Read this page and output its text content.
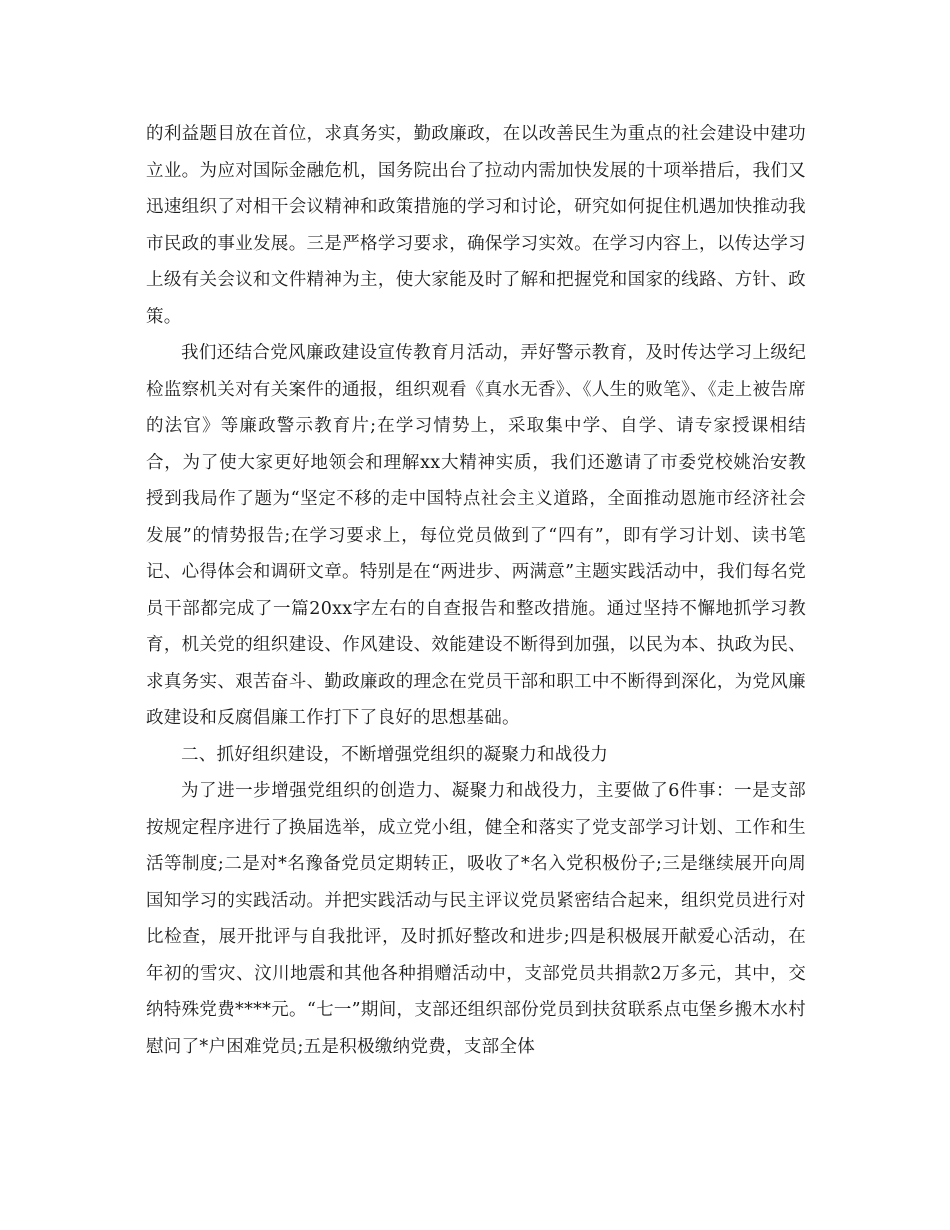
的利益题目放在首位，求真务实，勤政廉政，在以改善民生为重点的社会建设中建功立业。为应对国际金融危机，国务院出台了拉动内需加快发展的十项举措后，我们又迅速组织了对相干会议精神和政策措施的学习和讨论，研究如何捉住机遇加快推动我市民政的事业发展。三是严格学习要求，确保学习实效。在学习内容上，以传达学习上级有关会议和文件精神为主，使大家能及时了解和把握党和国家的线路、方针、政策。

我们还结合党风廉政建设宣传教育月活动，弄好警示教育，及时传达学习上级纪检监察机关对有关案件的通报，组织观看《真水无香》、《人生的败笔》、《走上被告席的法官》等廉政警示教育片;在学习情势上，采取集中学、自学、请专家授课相结合，为了使大家更好地领会和理解xx大精神实质，我们还邀请了市委党校姚治安教授到我局作了题为“坚定不移的走中国特点社会主义道路，全面推动恩施市经济社会发展”的情势报告;在学习要求上，每位党员做到了“四有”，即有学习计划、读书笔记、心得体会和调研文章。特别是在“两进步、两满意”主题实践活动中，我们每名党员干部都完成了一篇20xx字左右的自查报告和整改措施。通过坚持不懈地抓学习教育，机关党的组织建设、作风建设、效能建设不断得到加强，以民为本、执政为民、求真务实、艰苦奋斗、勤政廉政的理念在党员干部和职工中不断得到深化，为党风廉政建设和反腐倡廉工作打下了良好的思想基础。

二、抓好组织建设，不断增强党组织的凝聚力和战役力

为了进一步增强党组织的创造力、凝聚力和战役力，主要做了6件事：一是支部按规定程序进行了换届选举，成立党小组，健全和落实了党支部学习计划、工作和生活等制度;二是对*名豫备党员定期转正，吸收了*名入党积极份子;三是继续展开向周国知学习的实践活动。并把实践活动与民主评议党员紧密结合起来，组织党员进行对比检查，展开批评与自我批评，及时抓好整改和进步;四是积极展开献爱心活动，在年初的雪灾、汶川地震和其他各种捐赠活动中，支部党员共捐款2万多元，其中，交纳特殊党费****元。“七一”期间，支部还组织部份党员到扶贫联系点屯堡乡搬木水村慰问了*户困难党员;五是积极缴纳党费，支部全体
